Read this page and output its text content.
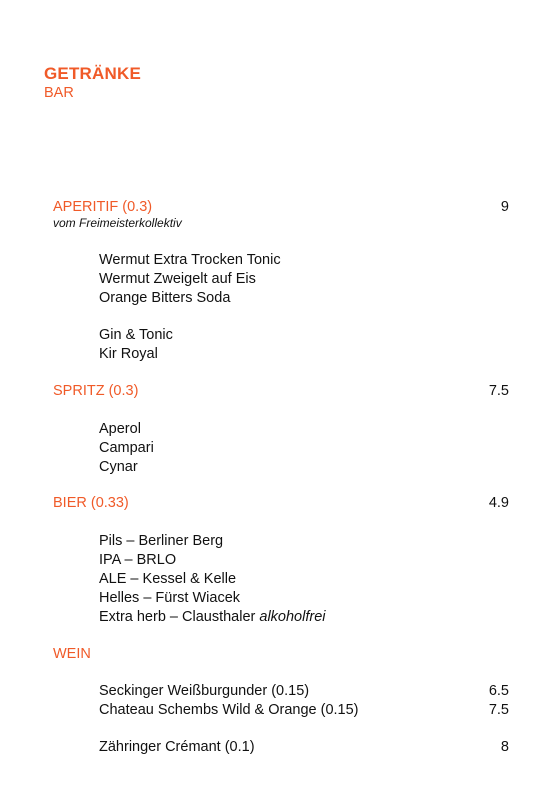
GETRÄNKE
BAR
APERITIF (0.3)	9
vom Freimeisterkollektiv
Wermut Extra Trocken Tonic
Wermut Zweigelt auf Eis
Orange Bitters Soda
Gin & Tonic
Kir Royal
SPRITZ (0.3)	7.5
Aperol
Campari
Cynar
BIER (0.33)	4.9
Pils – Berliner Berg
IPA – BRLO
ALE – Kessel & Kelle
Helles – Fürst Wiacek
Extra herb – Clausthaler alkoholfrei
WEIN
Seckinger Weißburgunder (0.15)	6.5
Chateau Schembs Wild & Orange (0.15)	7.5
Zähringer Crémant (0.1)	8
